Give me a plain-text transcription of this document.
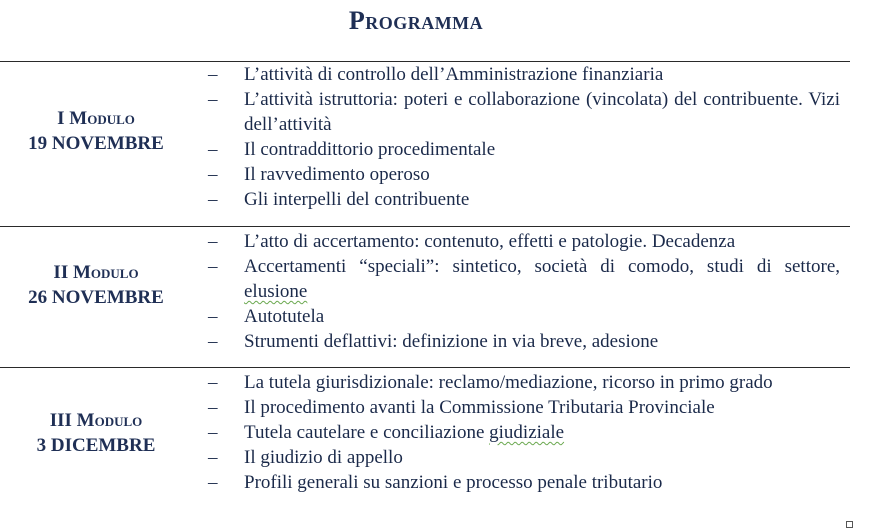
Programma
I Modulo
19 NOVEMBRE
– L’attività di controllo dell’Amministrazione finanziaria
– L’attività istruttoria: poteri e collaborazione (vincolata) del contribuente. Vizi dell’attività
– Il contraddittorio procedimentale
– Il ravvedimento operoso
– Gli interpelli del contribuente
II Modulo
26 NOVEMBRE
– L’atto di accertamento: contenuto, effetti e patologie. Decadenza
– Accertamenti “speciali”: sintetico, società di comodo, studi di settore, elusione
– Autotutela
– Strumenti deflattivi: definizione in via breve, adesione
III Modulo
3 DICEMBRE
– La tutela giurisdizionale: reclamo/mediazione, ricorso in primo grado
– Il procedimento avanti la Commissione Tributaria Provinciale
– Tutela cautelare e conciliazione giudiziale
– Il giudizio di appello
– Profili generali su sanzioni e processo penale tributario
